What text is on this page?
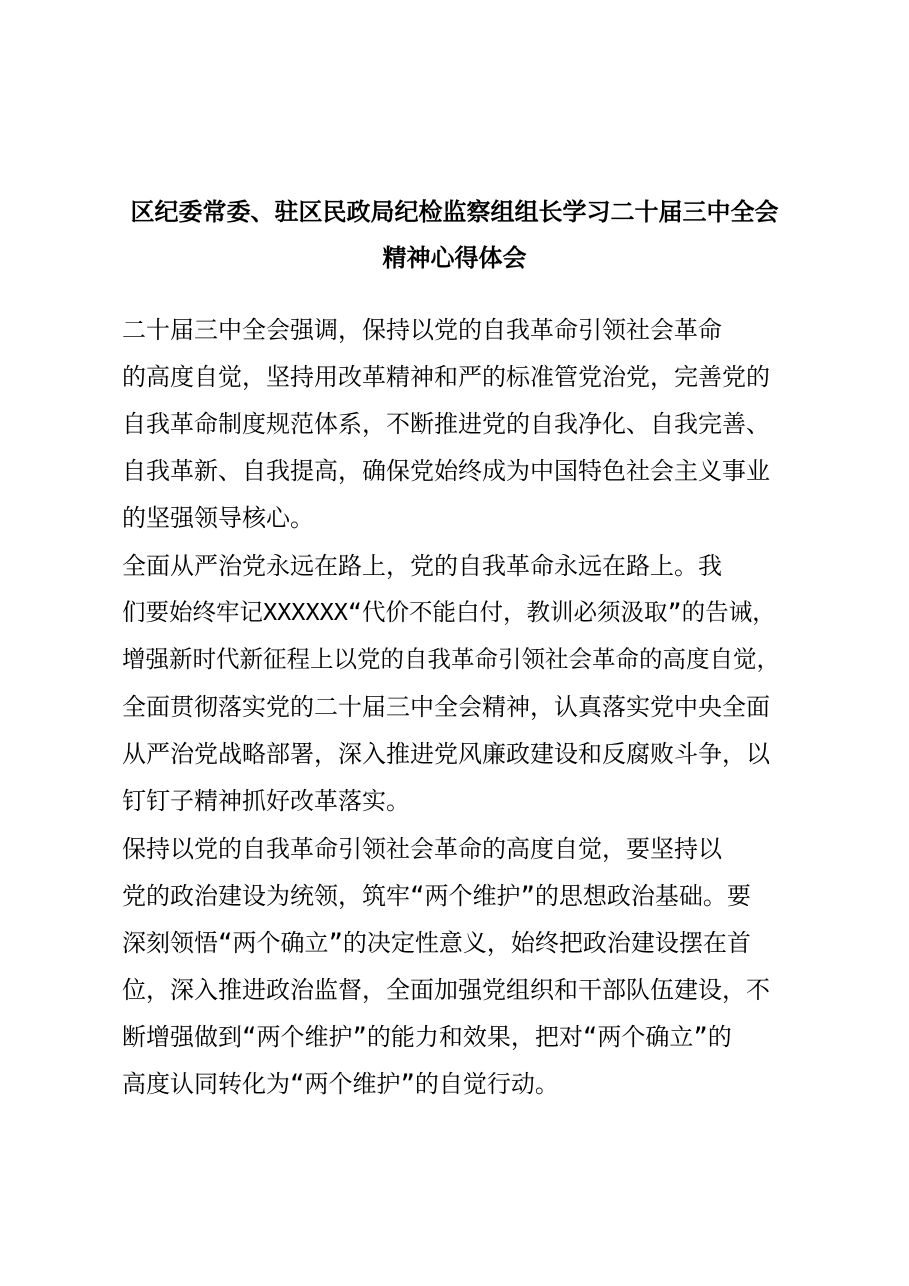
区纪委常委、驻区民政局纪检监察组组长学习二十届三中全会
精神心得体会
二十届三中全会强调，保持以党的自我革命引领社会革命
的高度自觉，坚持用改革精神和严的标准管党治党，完善党的
自我革命制度规范体系，不断推进党的自我净化、自我完善、
自我革新、自我提高，确保党始终成为中国特色社会主义事业
的坚强领导核心。
全面从严治党永远在路上，党的自我革命永远在路上。我
们要始终牢记XXXXXX“代价不能白付，教训必须汲取”的告诫，
增强新时代新征程上以党的自我革命引领社会革命的高度自觉，
全面贯彻落实党的二十届三中全会精神，认真落实党中央全面
从严治党战略部署，深入推进党风廉政建设和反腐败斗争，以
钉钉子精神抓好改革落实。
保持以党的自我革命引领社会革命的高度自觉，要坚持以
党的政治建设为统领，筑牢“两个维护”的思想政治基础。要
深刻领悟“两个确立”的决定性意义，始终把政治建设摆在首
位，深入推进政治监督，全面加强党组织和干部队伍建设，不
断增强做到“两个维护”的能力和效果，把对“两个确立”的
高度认同转化为“两个维护”的自觉行动。
